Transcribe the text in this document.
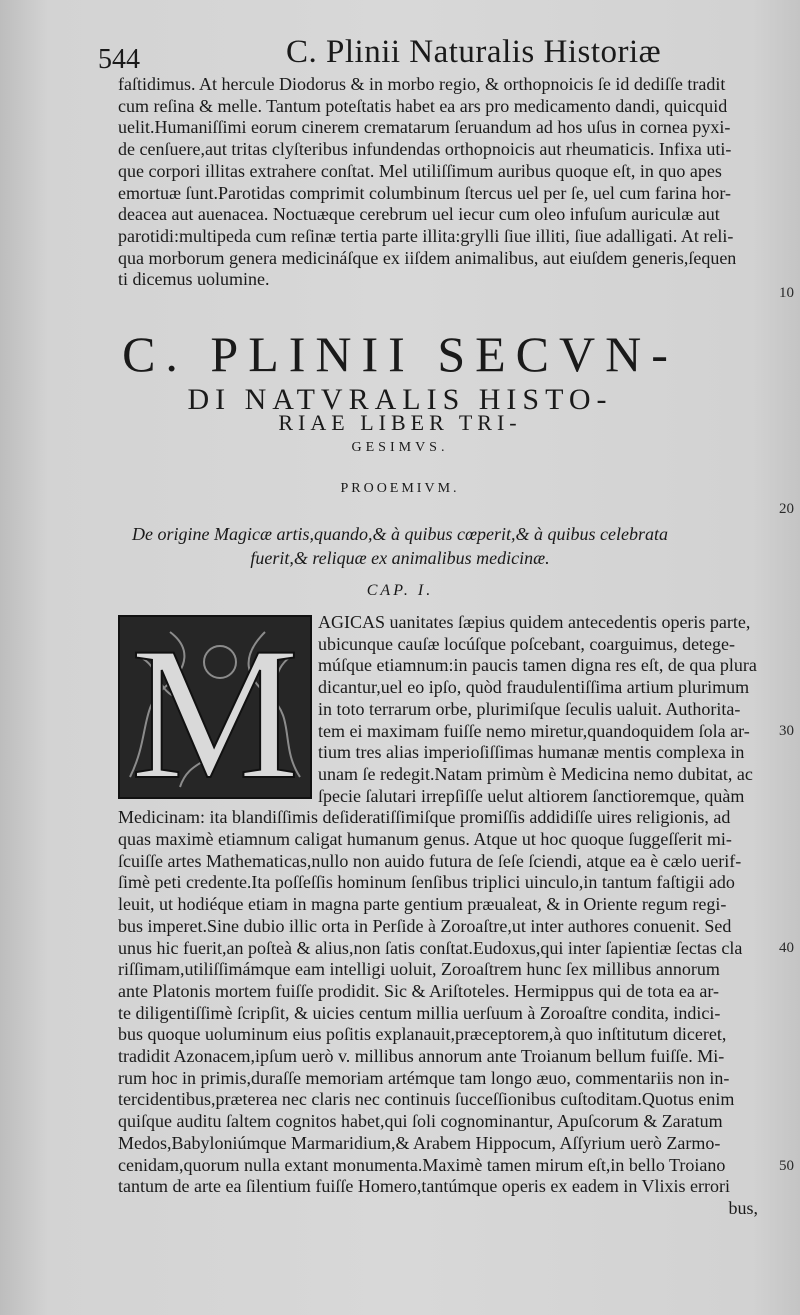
544	C. Plinii Naturalis Historiæ
faſtidimus. At hercule Diodorus & in morbo regio, & orthopnoicis ſe id dediſſe tradit
cum reſina & melle. Tantum poteſtatis habet ea ars pro medicamento dandi, quicquid
uelit.Humaniſſimi eorum cinerem crematarum ſeruandum ad hos uſus in cornea pyxi-
de cenſuere,aut tritas clyſteribus infundendas orthopnoicis aut rheumaticis. Infixa uti-
que corpori illitas extrahere conſtat. Mel utiliſſimum auribus quoque eſt, in quo apes
emortuæ ſunt.Parotidas comprimit columbinum ſtercus uel per ſe, uel cum farina hor-
deacea aut auenacea. Noctuæque cerebrum uel iecur cum oleo infuſum auriculæ aut
parotidi:multipeda cum reſinæ tertia parte illita:grylli ſiue illiti, ſiue adalligati. At reli-
qua morborum genera medicináſque ex iiſdem animalibus, aut eiuſdem generis,ſequen
ti dicemus uolumine.
10
20
30
40
50
C. PLINII SECVN-
DI NATVRALIS HISTO-
RIAE LIBER TRI-
GESIMVS.
PROOEMIVM.
De origine Magicæ artis,quando,& à quibus cœperit,& à quibus celebrata
fuerit,& reliquæ ex animalibus medicinæ.
CAP. I.
M	AGICAS uanitates ſæpius quidem antecedentis operis parte,
ubicunque cauſæ locúſque poſcebant, coarguimus, detege-
múſque etiamnum:in paucis tamen digna res eſt, de qua plura
dicantur,uel eo ipſo, quòd fraudulentiſſima artium plurimum
in toto terrarum orbe, plurimiſque ſeculis ualuit. Authorita-
tem ei maximam fuiſſe nemo miretur,quandoquidem ſola ar-
tium tres alias imperioſiſſimas humanæ mentis complexa in
unam ſe redegit.Natam primùm è Medicina nemo dubitat, ac
ſpecie ſalutari irrepſiſſe uelut altiorem ſanctioremque, quàm
Medicinam: ita blandiſſimis deſideratiſſimiſque promiſſis addidiſſe uires religionis, ad
quas maximè etiamnum caligat humanum genus. Atque ut hoc quoque ſuggeſſerit mi-
ſcuiſſe artes Mathematicas,nullo non auido futura de ſeſe ſciendi, atque ea è cælo uerif-
ſimè peti credente.Ita poſſeſſis hominum ſenſibus triplici uinculo,in tantum faſtigii ado
leuit, ut hodiéque etiam in magna parte gentium præualeat, & in Oriente regum regi-
bus imperet.Sine dubio illic orta in Perſide à Zoroaſtre,ut inter authores conuenit. Sed
unus hic fuerit,an poſteà & alius,non ſatis conſtat.Eudoxus,qui inter ſapientiæ ſectas cla
riſſimam,utiliſſimámque eam intelligi uoluit, Zoroaſtrem hunc ſex millibus annorum
ante Platonis mortem fuiſſe prodidit. Sic & Ariſtoteles. Hermippus qui de tota ea ar-
te diligentiſſimè ſcripſit, & uicies centum millia uerſuum à Zoroaſtre condita, indici-
bus quoque uoluminum eius poſitis explanauit,præceptorem,à quo inſtitutum diceret,
tradidit Azonacem,ipſum uerò v. millibus annorum ante Troianum bellum fuiſſe. Mi-
rum hoc in primis,duraſſe memoriam artémque tam longo æuo, commentariis non in-
tercidentibus,præterea nec claris nec continuis ſucceſſionibus cuſtoditam.Quotus enim
quiſque auditu ſaltem cognitos habet,qui ſoli cognominantur, Apuſcorum & Zaratum
Medos,Babyloniúmque Marmaridium,& Arabem Hippocum, Aſſyrium uerò Zarmo-
cenidam,quorum nulla extant monumenta.Maximè tamen mirum eſt,in bello Troiano
tantum de arte ea ſilentium fuiſſe Homero,tantúmque operis ex eadem in Vlixis errori
bus,
